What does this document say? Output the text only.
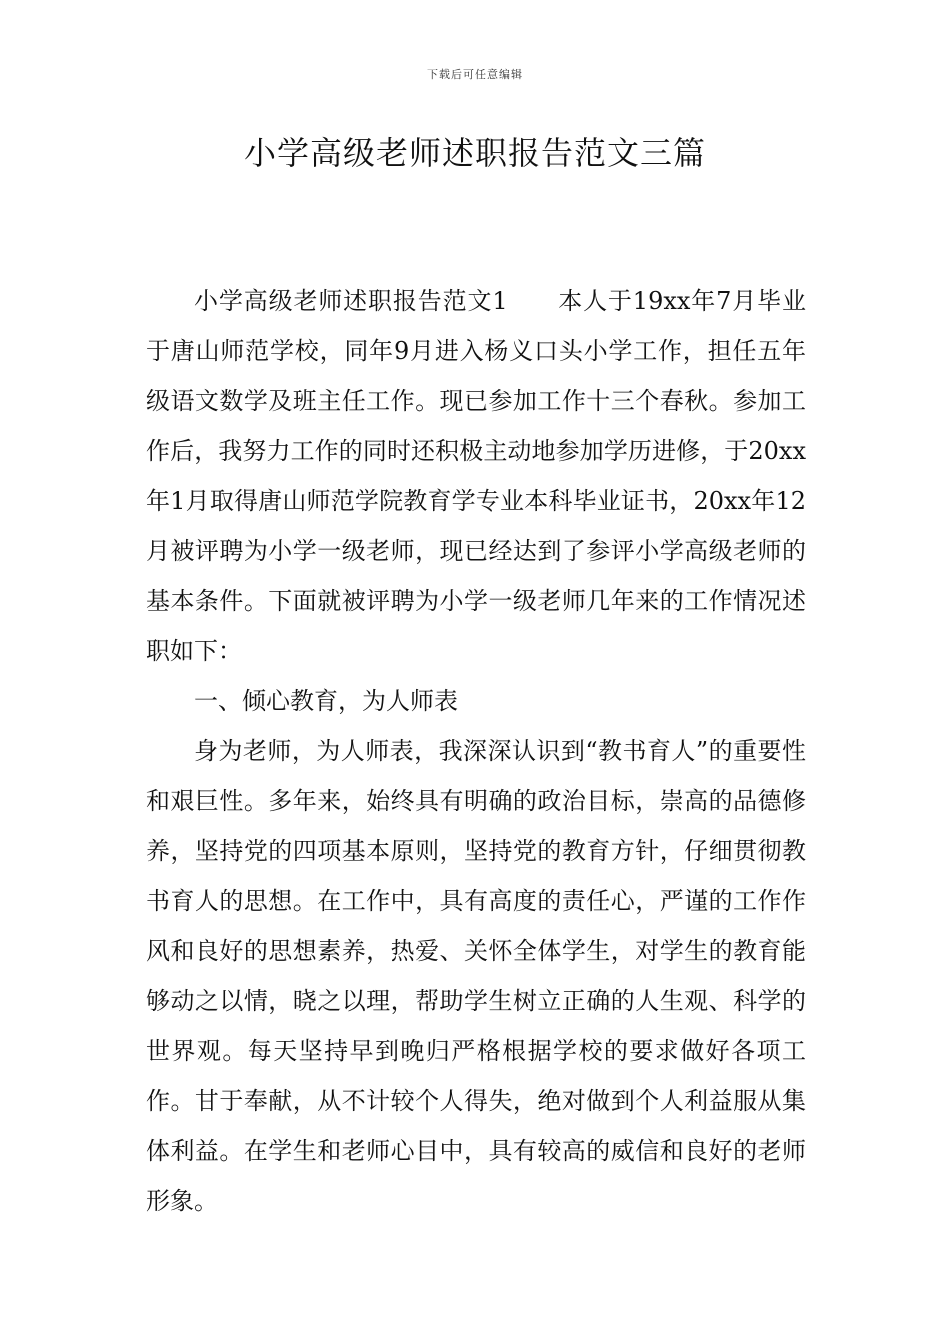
下载后可任意编辑
小学高级老师述职报告范文三篇

小学高级老师述职报告范文1　　本人于19xx年7月毕业于唐山师范学校，同年9月进入杨义口头小学工作，担任五年级语文数学及班主任工作。现已参加工作十三个春秋。参加工作后，我努力工作的同时还积极主动地参加学历进修，于20xx年1月取得唐山师范学院教育学专业本科毕业证书，20xx年12月被评聘为小学一级老师，现已经达到了参评小学高级老师的基本条件。下面就被评聘为小学一级老师几年来的工作情况述职如下：

一、倾心教育，为人师表

身为老师，为人师表，我深深认识到“教书育人”的重要性和艰巨性。多年来，始终具有明确的政治目标，崇高的品德修养，坚持党的四项基本原则，坚持党的教育方针，仔细贯彻教书育人的思想。在工作中，具有高度的责任心，严谨的工作作风和良好的思想素养，热爱、关怀全体学生，对学生的教育能够动之以情，晓之以理，帮助学生树立正确的人生观、科学的世界观。每天坚持早到晚归严格根据学校的要求做好各项工作。甘于奉献，从不计较个人得失，绝对做到个人利益服从集体利益。在学生和老师心目中，具有较高的威信和良好的老师形象。
